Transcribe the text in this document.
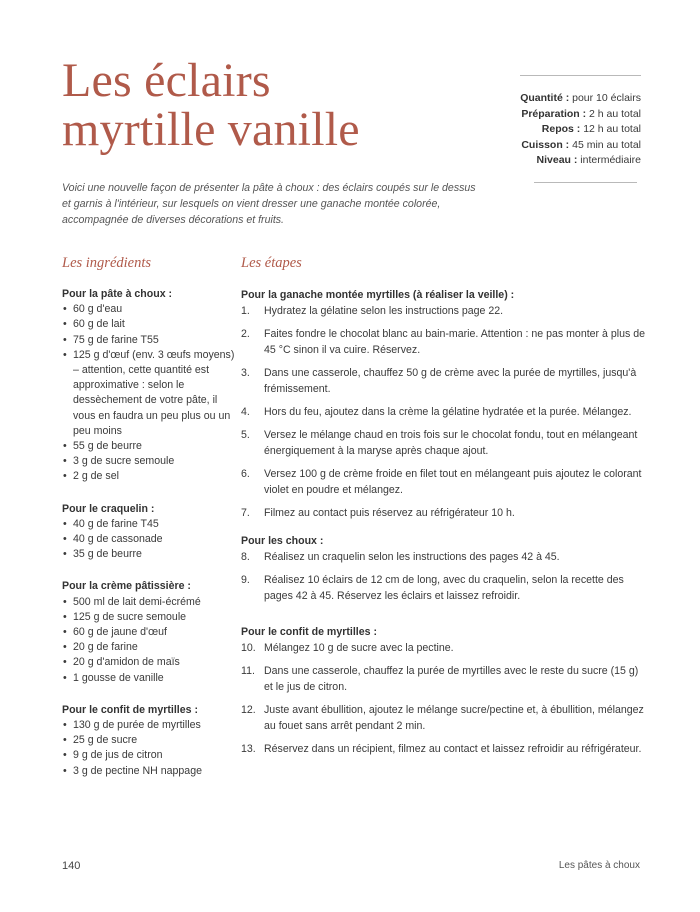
Les éclairs
myrtille vanille
Quantité : pour 10 éclairs
Préparation : 2 h au total
Repos : 12 h au total
Cuisson : 45 min au total
Niveau : intermédiaire

Voici une nouvelle façon de présenter la pâte à choux : des éclairs coupés sur le dessus et garnis à l'intérieur, sur lesquels on vient dresser une ganache montée colorée, accompagnée de diverses décorations et fruits.

Les ingrédients	Les étapes
Pour la pâte à choux :
• 60 g d'eau
• 60 g de lait
• 75 g de farine T55
• 125 g d'œuf (env. 3 œufs moyens) – attention, cette quantité est approximative : selon le dessèchement de votre pâte, il vous en faudra un peu plus ou un peu moins
• 55 g de beurre
• 3 g de sucre semoule
• 2 g de sel
Pour le craquelin :
• 40 g de farine T45
• 40 g de cassonade
• 35 g de beurre
Pour la crème pâtissière :
• 500 ml de lait demi-écrémé
• 125 g de sucre semoule
• 60 g de jaune d'œuf
• 20 g de farine
• 20 g d'amidon de maïs
• 1 gousse de vanille
Pour le confit de myrtilles :
• 130 g de purée de myrtilles
• 25 g de sucre
• 9 g de jus de citron
• 3 g de pectine NH nappage
Pour la ganache montée myrtilles (à réaliser la veille) :
1. Hydratez la gélatine selon les instructions page 22.
2. Faites fondre le chocolat blanc au bain-marie. Attention : ne pas monter à plus de 45 °C sinon il va cuire. Réservez.
3. Dans une casserole, chauffez 50 g de crème avec la purée de myrtilles, jusqu'à frémissement.
4. Hors du feu, ajoutez dans la crème la gélatine hydratée et la purée. Mélangez.
5. Versez le mélange chaud en trois fois sur le chocolat fondu, tout en mélangeant énergiquement à la maryse après chaque ajout.
6. Versez 100 g de crème froide en filet tout en mélangeant puis ajoutez le colorant violet en poudre et mélangez.
7. Filmez au contact puis réservez au réfrigérateur 10 h.
Pour les choux :
8. Réalisez un craquelin selon les instructions des pages 42 à 45.
9. Réalisez 10 éclairs de 12 cm de long, avec du craquelin, selon la recette des pages 42 à 45. Réservez les éclairs et laissez refroidir.
Pour le confit de myrtilles :
10. Mélangez 10 g de sucre avec la pectine.
11. Dans une casserole, chauffez la purée de myrtilles avec le reste du sucre (15 g) et le jus de citron.
12. Juste avant ébullition, ajoutez le mélange sucre/pectine et, à ébullition, mélangez au fouet sans arrêt pendant 2 min.
13. Réservez dans un récipient, filmez au contact et laissez refroidir au réfrigérateur.
140	Les pâtes à choux
